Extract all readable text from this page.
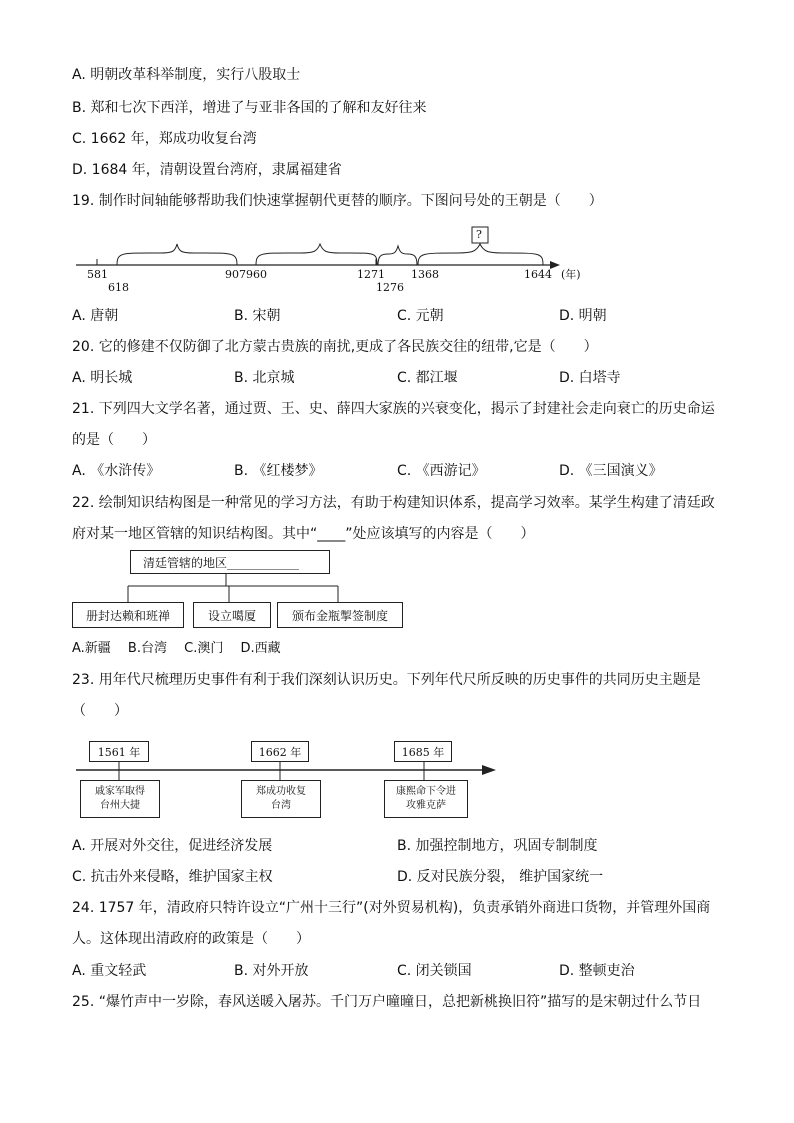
A. 明朝改革科举制度，实行八股取士
B. 郑和七次下西洋，增进了与亚非各国的了解和友好往来
C. 1662 年，郑成功收复台湾
D. 1684 年，清朝设置台湾府，隶属福建省
19. 制作时间轴能够帮助我们快速掌握朝代更替的顺序。下图问号处的王朝是（　　）
?
581
618
907 960	1271
1276
1368	1644 (年)
A. 唐朝	B. 宋朝	C. 元朝	D. 明朝
20. 它的修建不仅防御了北方蒙古贵族的南扰,更成了各民族交往的纽带,它是（　　）
A. 明长城	B. 北京城	C. 都江堰	D. 白塔寺
21. 下列四大文学名著，通过贾、王、史、薛四大家族的兴衰变化，揭示了封建社会走向衰亡的历史命运
的是（　　）
A. 《水浒传》	B. 《红楼梦》	C. 《西游记》	D. 《三国演义》
22. 绘制知识结构图是一种常见的学习方法，有助于构建知识体系，提高学习效率。某学生构建了清廷政
府对某一地区管辖的知识结构图。其中“____”处应该填写的内容是（　　）
清廷管辖的地区____________
册封达赖和班禅	设立噶厦	颁布金瓶掣签制度
A.新疆　 B.台湾　 C.澳门　 D.西藏
23. 用年代尺梳理历史事件有利于我们深刻认识历史。下列年代尺所反映的历史事件的共同历史主题是
（　　）
1561 年	1662 年	1685 年
戚家军取得
台州大捷
郑成功收复
台湾
康熙命下令进
攻雅克萨
A. 开展对外交往，促进经济发展	B. 加强控制地方，巩固专制制度
C. 抗击外来侵略，维护国家主权	D. 反对民族分裂， 维护国家统一
24. 1757 年，清政府只特许设立“广州十三行”(对外贸易机构)，负责承销外商进口货物，并管理外国商
人。这体现出清政府的政策是（　　）
A. 重文轻武	B. 对外开放	C. 闭关锁国	D. 整顿吏治
25. “爆竹声中一岁除，春风送暖入屠苏。千门万户曈曈日，总把新桃换旧符”描写的是宋朝过什么节日
